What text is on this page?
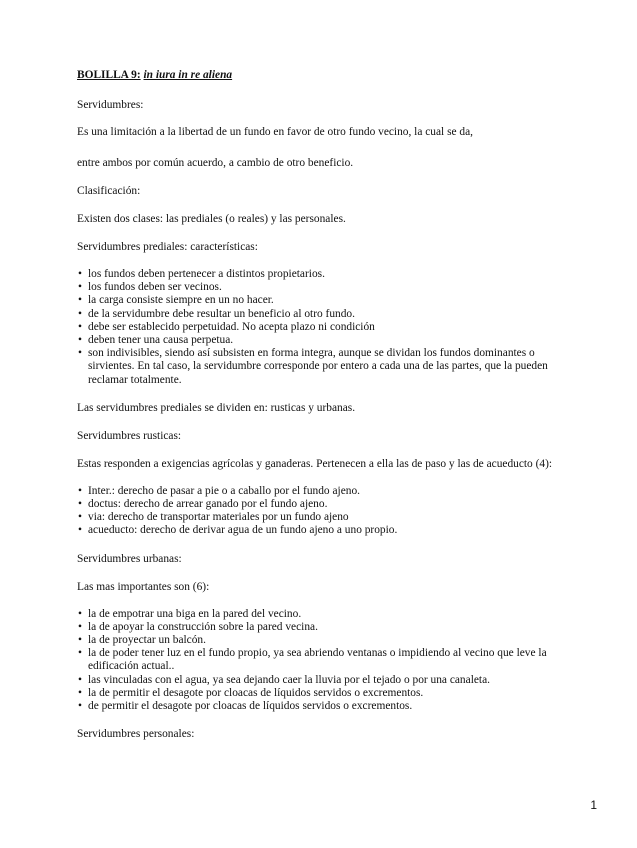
BOLILLA 9: in iura in re aliena

Servidumbres:

Es una limitación a la libertad de un fundo en favor de otro fundo vecino, la cual se da,

entre ambos por común acuerdo, a cambio de otro beneficio.

Clasificación:

Existen dos clases: las prediales (o reales) y las personales.

Servidumbres prediales: características:

• los fundos deben pertenecer a distintos propietarios.
• los fundos deben ser vecinos.
• la carga consiste siempre en un no hacer.
• de la servidumbre debe resultar un beneficio al otro fundo.
• debe ser establecido perpetuidad. No acepta plazo ni condición
• deben tener una causa perpetua.
• son indivisibles, siendo así subsisten en forma integra, aunque se dividan los fundos dominantes o sirvientes. En tal caso, la servidumbre corresponde por entero a cada una de las partes, que la pueden reclamar totalmente.

Las servidumbres prediales se dividen en: rusticas y urbanas.

Servidumbres rusticas:

Estas responden a exigencias agrícolas y ganaderas. Pertenecen a ella las de paso y las de acueducto (4):

• Inter.: derecho de pasar a pie o a caballo por el fundo ajeno.
• doctus: derecho de arrear ganado por el fundo ajeno.
• via: derecho de transportar materiales por un fundo ajeno
• acueducto: derecho de derivar agua de un fundo ajeno a uno propio.

Servidumbres urbanas:

Las mas importantes son (6):

• la de empotrar una biga en la pared del vecino.
• la de apoyar la construcción sobre la pared vecina.
• la de proyectar un balcón.
• la de poder tener luz en el fundo propio, ya sea abriendo ventanas o impidiendo al vecino que leve la edificación actual..
• las vinculadas con el agua, ya sea dejando caer la lluvia por el tejado o por una canaleta.
• la de permitir el desagote por cloacas de líquidos servidos o excrementos.
• de permitir el desagote por cloacas de líquidos servidos o excrementos.

Servidumbres personales:

1
